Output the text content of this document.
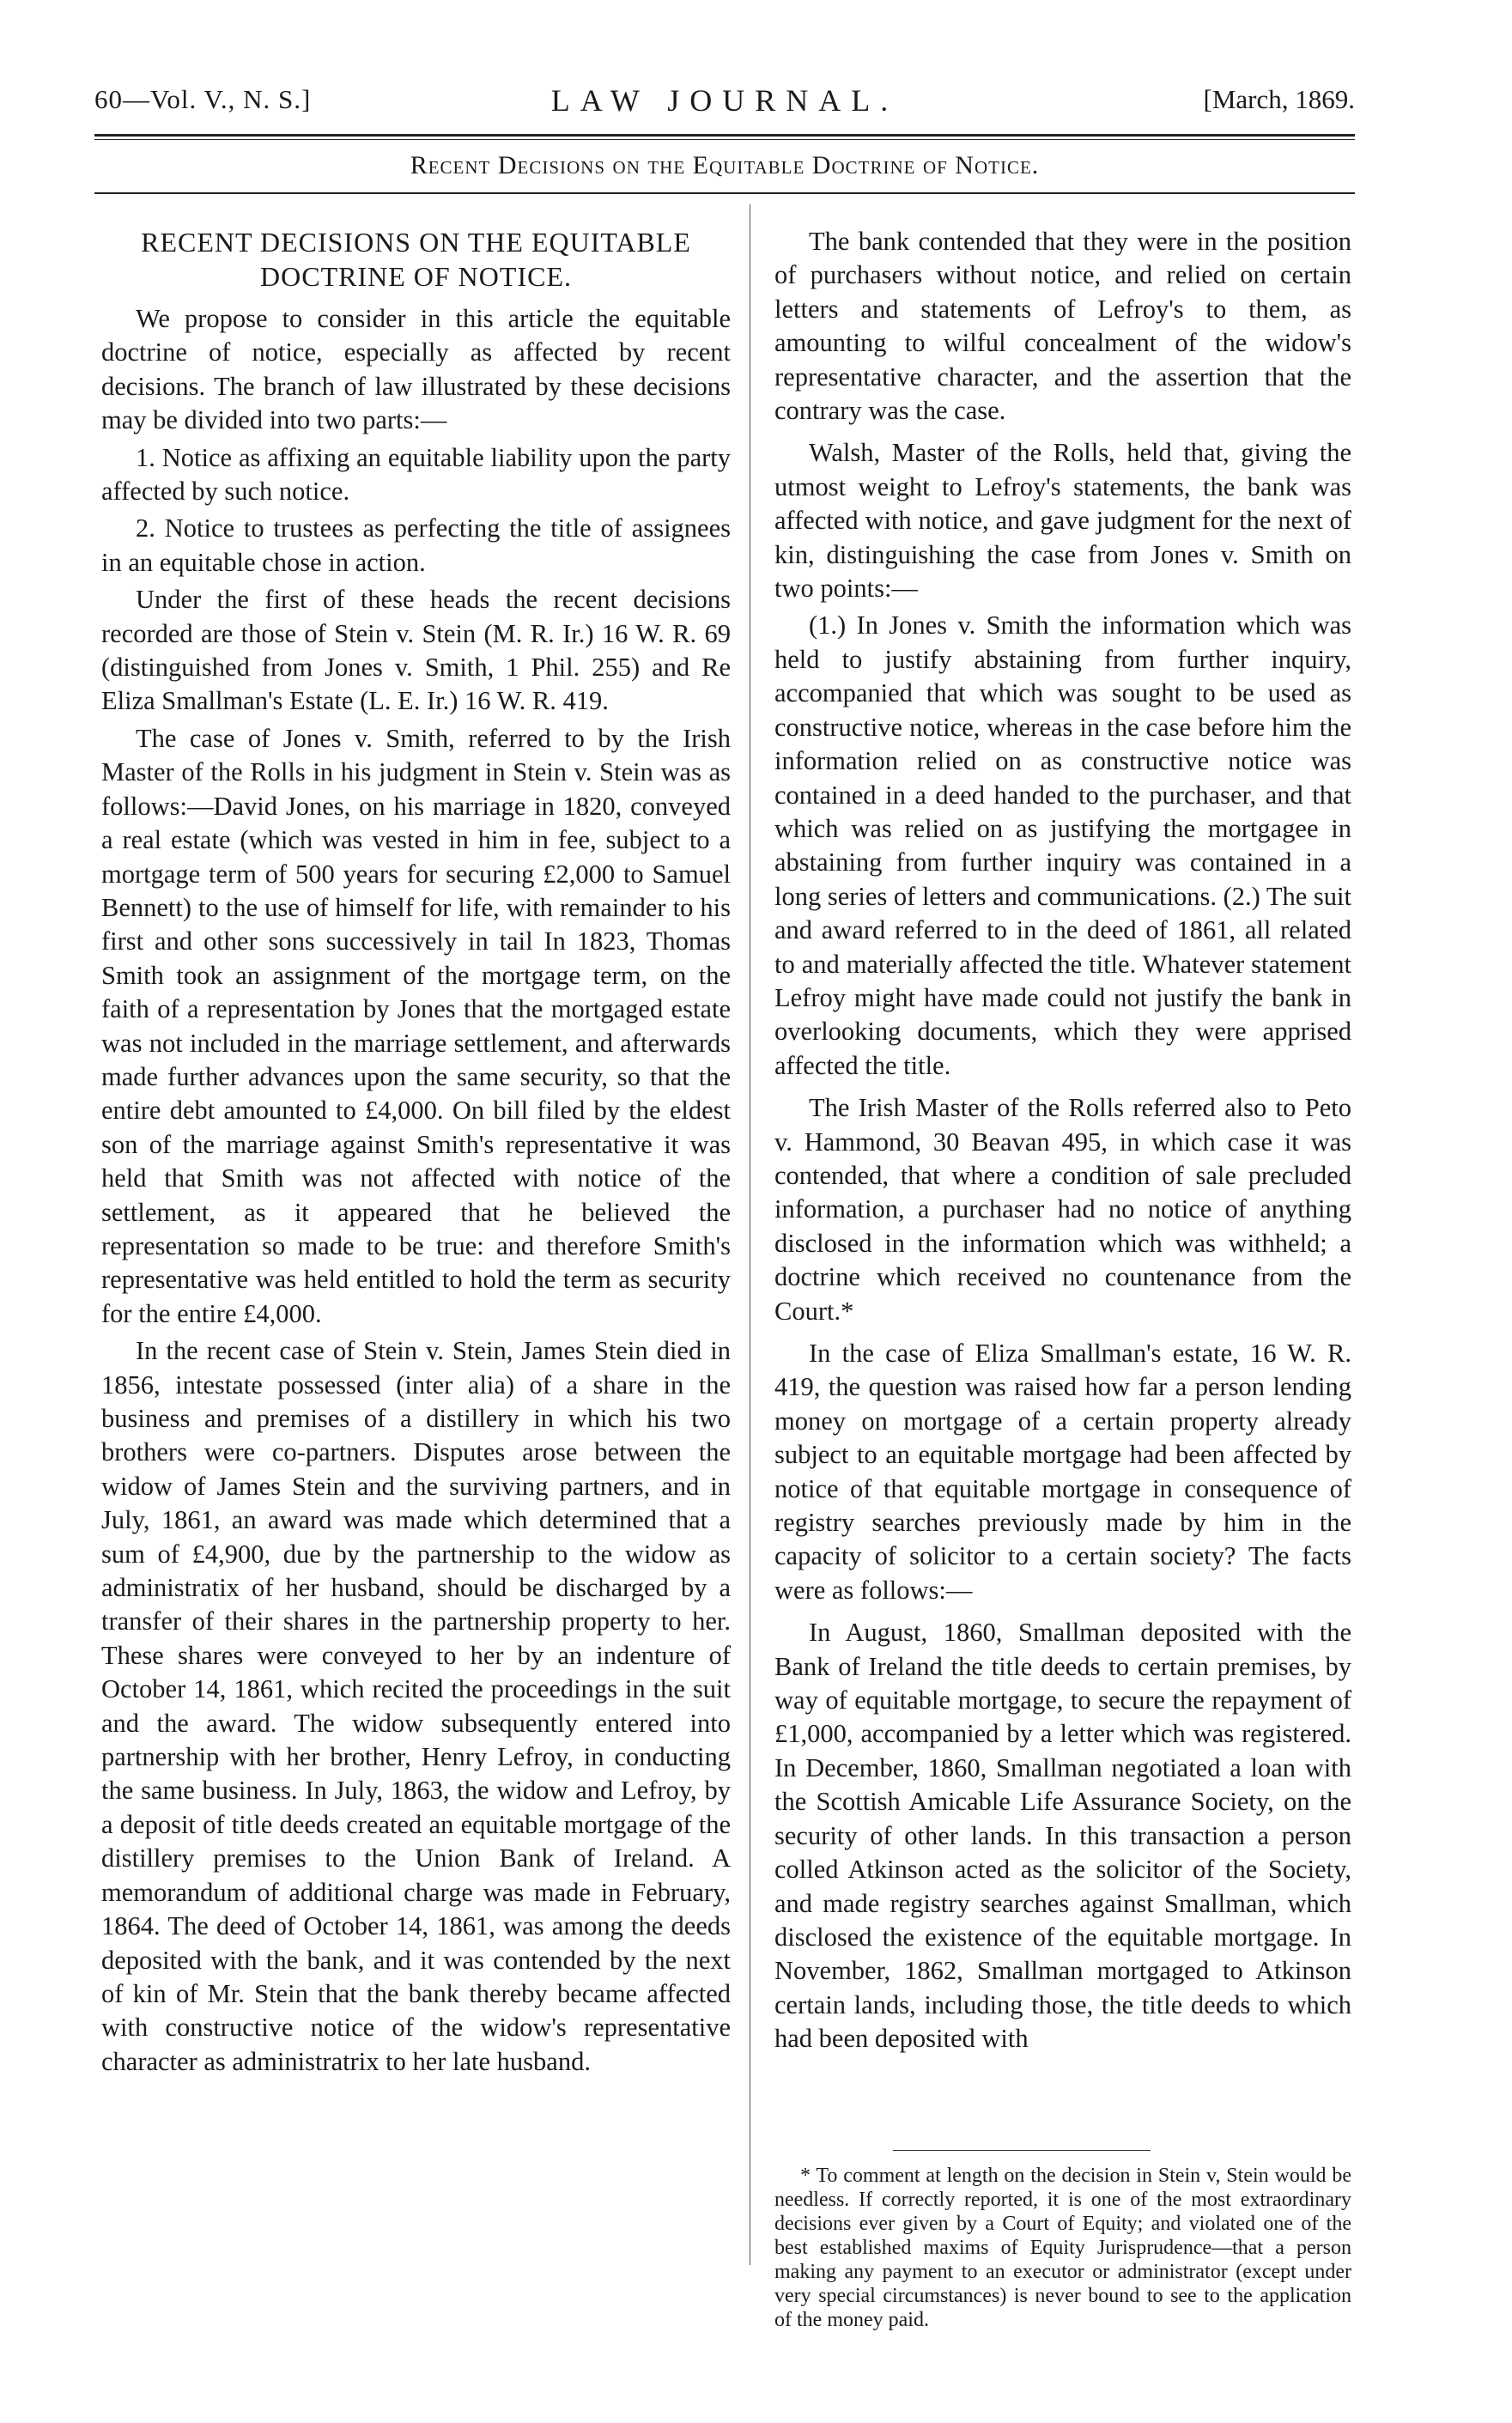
60—Vol. V., N. S.]	LAW JOURNAL.	[March, 1869.
Recent Decisions on the Equitable Doctrine of Notice.
RECENT DECISIONS ON THE EQUITABLE DOCTRINE OF NOTICE.

We propose to consider in this article the equitable doctrine of notice, especially as affected by recent decisions. The branch of law illustrated by these decisions may be divided into two parts:—

1. Notice as affixing an equitable liability upon the party affected by such notice.

2. Notice to trustees as perfecting the title of assignees in an equitable chose in action.

Under the first of these heads the recent decisions recorded are those of Stein v. Stein (M. R. Ir.) 16 W. R. 69 (distinguished from Jones v. Smith, 1 Phil. 255) and Re Eliza Smallman's Estate (L. E. Ir.) 16 W. R. 419.

The case of Jones v. Smith, referred to by the Irish Master of the Rolls in his judgment in Stein v. Stein was as follows:—David Jones, on his marriage in 1820, conveyed a real estate (which was vested in him in fee, subject to a mortgage term of 500 years for securing £2,000 to Samuel Bennett) to the use of himself for life, with remainder to his first and other sons successively in tail In 1823, Thomas Smith took an assignment of the mortgage term, on the faith of a representation by Jones that the mortgaged estate was not included in the marriage settlement, and afterwards made further advances upon the same security, so that the entire debt amounted to £4,000. On bill filed by the eldest son of the marriage against Smith's representative it was held that Smith was not affected with notice of the settlement, as it appeared that he believed the representation so made to be true: and therefore Smith's representative was held entitled to hold the term as security for the entire £4,000.

In the recent case of Stein v. Stein, James Stein died in 1856, intestate possessed (inter alia) of a share in the business and premises of a distillery in which his two brothers were co-partners. Disputes arose between the widow of James Stein and the surviving partners, and in July, 1861, an award was made which determined that a sum of £4,900, due by the partnership to the widow as administratix of her husband, should be discharged by a transfer of their shares in the partnership property to her. These shares were conveyed to her by an indenture of October 14, 1861, which recited the proceedings in the suit and the award. The widow subsequently entered into partnership with her brother, Henry Lefroy, in conducting the same business. In July, 1863, the widow and Lefroy, by a deposit of title deeds created an equitable mortgage of the distillery premises to the Union Bank of Ireland. A memorandum of additional charge was made in February, 1864. The deed of October 14, 1861, was among the deeds deposited with the bank, and it was contended by the next of kin of Mr. Stein that the bank thereby became affected with constructive notice of the widow's representative character as administratrix to her late husband.

The bank contended that they were in the position of purchasers without notice, and relied on certain letters and statements of Lefroy's to them, as amounting to wilful concealment of the widow's representative character, and the assertion that the contrary was the case.

Walsh, Master of the Rolls, held that, giving the utmost weight to Lefroy's statements, the bank was affected with notice, and gave judgment for the next of kin, distinguishing the case from Jones v. Smith on two points:—

(1.) In Jones v. Smith the information which was held to justify abstaining from further inquiry, accompanied that which was sought to be used as constructive notice, whereas in the case before him the information relied on as constructive notice was contained in a deed handed to the purchaser, and that which was relied on as justifying the mortgagee in abstaining from further inquiry was contained in a long series of letters and communications. (2.) The suit and award referred to in the deed of 1861, all related to and materially affected the title. Whatever statement Lefroy might have made could not justify the bank in overlooking documents, which they were apprised affected the title.

The Irish Master of the Rolls referred also to Peto v. Hammond, 30 Beavan 495, in which case it was contended, that where a condition of sale precluded information, a purchaser had no notice of anything disclosed in the information which was withheld; a doctrine which received no countenance from the Court.*

In the case of Eliza Smallman's estate, 16 W. R. 419, the question was raised how far a person lending money on mortgage of a certain property already subject to an equitable mortgage had been affected by notice of that equitable mortgage in consequence of registry searches previously made by him in the capacity of solicitor to a certain society? The facts were as follows:—

In August, 1860, Smallman deposited with the Bank of Ireland the title deeds to certain premises, by way of equitable mortgage, to secure the repayment of £1,000, accompanied by a letter which was registered. In December, 1860, Smallman negotiated a loan with the Scottish Amicable Life Assurance Society, on the security of other lands. In this transaction a person colled Atkinson acted as the solicitor of the Society, and made registry searches against Smallman, which disclosed the existence of the equitable mortgage. In November, 1862, Smallman mortgaged to Atkinson certain lands, including those, the title deeds to which had been deposited with

* To comment at length on the decision in Stein v, Stein would be needless. If correctly reported, it is one of the most extraordinary decisions ever given by a Court of Equity; and violated one of the best established maxims of Equity Jurisprudence—that a person making any payment to an executor or administrator (except under very special circumstances) is never bound to see to the application of the money paid.
